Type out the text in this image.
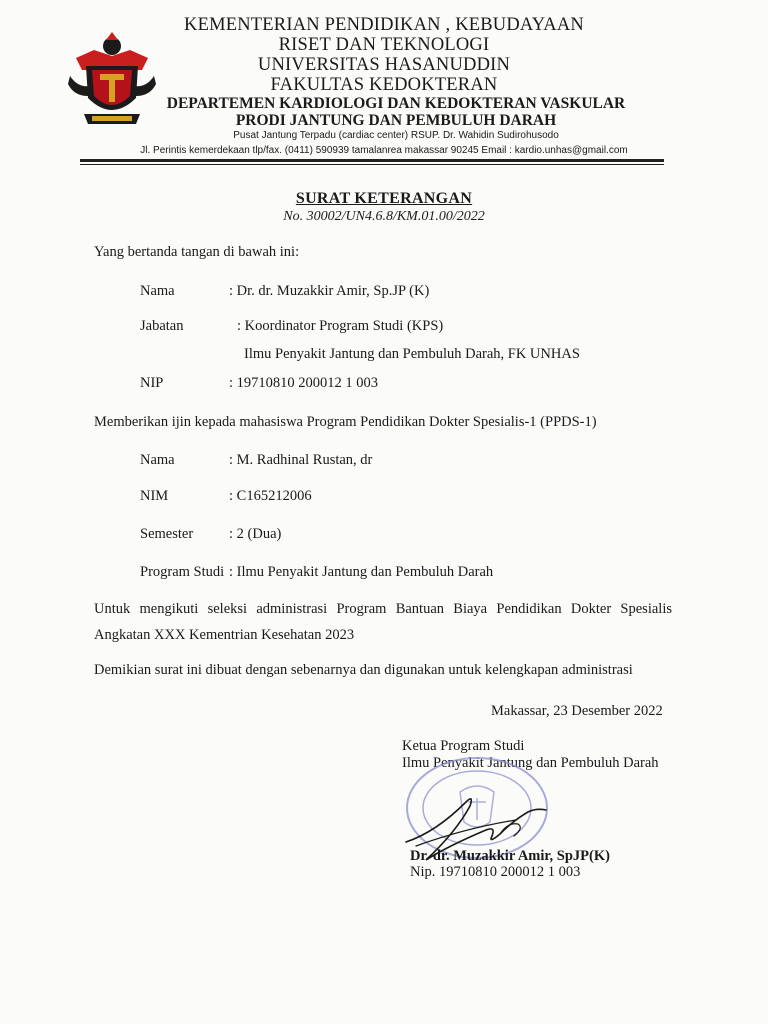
KEMENTERIAN PENDIDIKAN , KEBUDAYAAN
RISET DAN TEKNOLOGI
UNIVERSITAS HASANUDDIN
FAKULTAS KEDOKTERAN
DEPARTEMEN KARDIOLOGI DAN KEDOKTERAN VASKULAR
PRODI JANTUNG DAN PEMBULUH DARAH
Pusat Jantung Terpadu (cardiac center) RSUP. Dr. Wahidin Sudirohusodo
Jl. Perintis kemerdekaan tlp/fax. (0411) 590939 tamalanrea makassar 90245 Email : kardio.unhas@gmail.com
SURAT KETERANGAN
No. 30002/UN4.6.8/KM.01.00/2022
Yang bertanda tangan di bawah ini:
Nama	: Dr. dr. Muzakkir Amir, Sp.JP (K)
Jabatan	: Koordinator Program Studi (KPS)
Ilmu Penyakit Jantung dan Pembuluh Darah, FK UNHAS
NIP	: 19710810 200012 1 003
Memberikan ijin kepada mahasiswa Program Pendidikan Dokter Spesialis-1 (PPDS-1)
Nama	: M. Radhinal Rustan, dr
NIM	: C165212006
Semester : 2 (Dua)
Program Studi : Ilmu Penyakit Jantung dan Pembuluh Darah
Untuk mengikuti seleksi administrasi Program Bantuan Biaya Pendidikan Dokter Spesialis Angkatan XXX Kementrian Kesehatan 2023
Demikian surat ini dibuat dengan sebenarnya dan digunakan untuk kelengkapan administrasi
Makassar, 23 Desember 2022
Ketua Program Studi
Ilmu Penyakit Jantung dan Pembuluh Darah
Dr. dr. Muzakkir Amir, SpJP(K)
Nip. 19710810 200012 1 003
